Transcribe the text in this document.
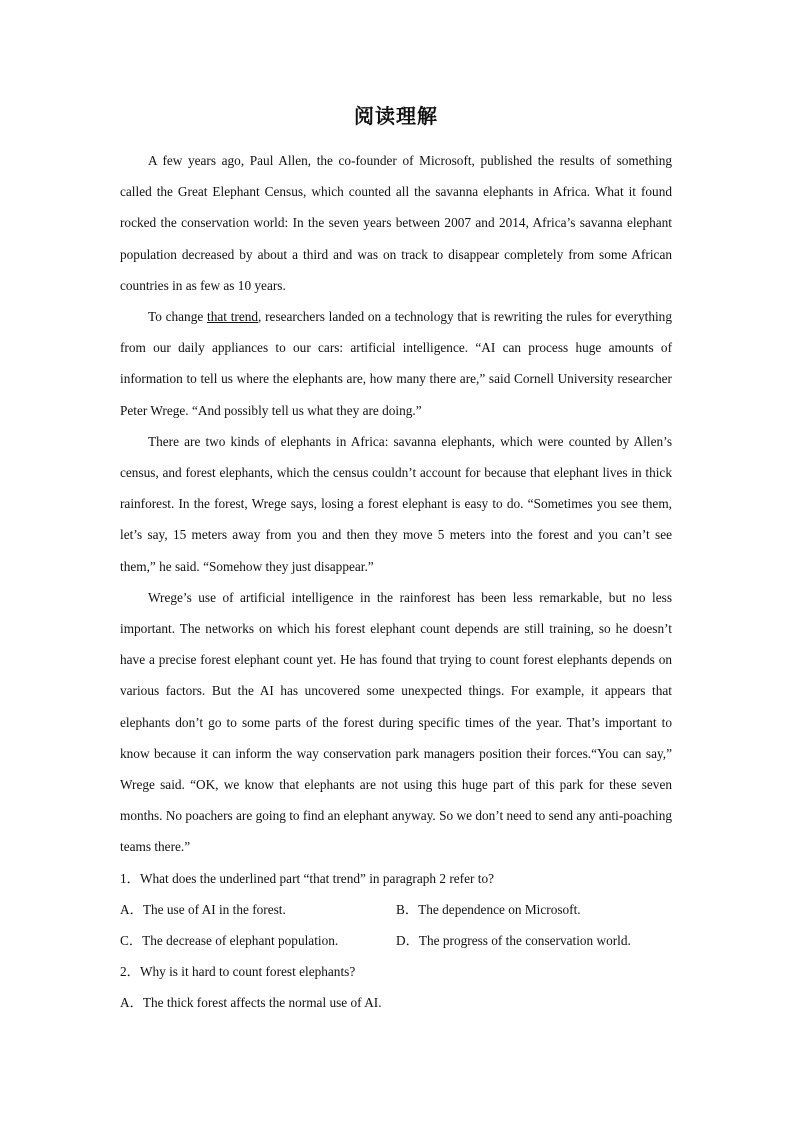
阅读理解

A few years ago, Paul Allen, the co-founder of Microsoft, published the results of something called the Great Elephant Census, which counted all the savanna elephants in Africa. What it found rocked the conservation world: In the seven years between 2007 and 2014, Africa’s savanna elephant population decreased by about a third and was on track to disappear completely from some African countries in as few as 10 years.

To change that trend, researchers landed on a technology that is rewriting the rules for everything from our daily appliances to our cars: artificial intelligence. “AI can process huge amounts of information to tell us where the elephants are, how many there are,” said Cornell University researcher Peter Wrege. “And possibly tell us what they are doing.”

There are two kinds of elephants in Africa: savanna elephants, which were counted by Allen’s census, and forest elephants, which the census couldn’t account for because that elephant lives in thick rainforest. In the forest, Wrege says, losing a forest elephant is easy to do. “Sometimes you see them, let’s say, 15 meters away from you and then they move 5 meters into the forest and you can’t see them,” he said. “Somehow they just disappear.”

Wrege’s use of artificial intelligence in the rainforest has been less remarkable, but no less important. The networks on which his forest elephant count depends are still training, so he doesn’t have a precise forest elephant count yet. He has found that trying to count forest elephants depends on various factors. But the AI has uncovered some unexpected things. For example, it appears that elephants don’t go to some parts of the forest during specific times of the year. That’s important to know because it can inform the way conservation park managers position their forces.“You can say,” Wrege said. “OK, we know that elephants are not using this huge part of this park for these seven months. No poachers are going to find an elephant anyway. So we don’t need to send any anti-poaching teams there.”

1．What does the underlined part “that trend” in paragraph 2 refer to?

A．The use of AI in the forest.	B．The dependence on Microsoft.
C．The decrease of elephant population.	D．The progress of the conservation world.

2．Why is it hard to count forest elephants?

A．The thick forest affects the normal use of AI.
